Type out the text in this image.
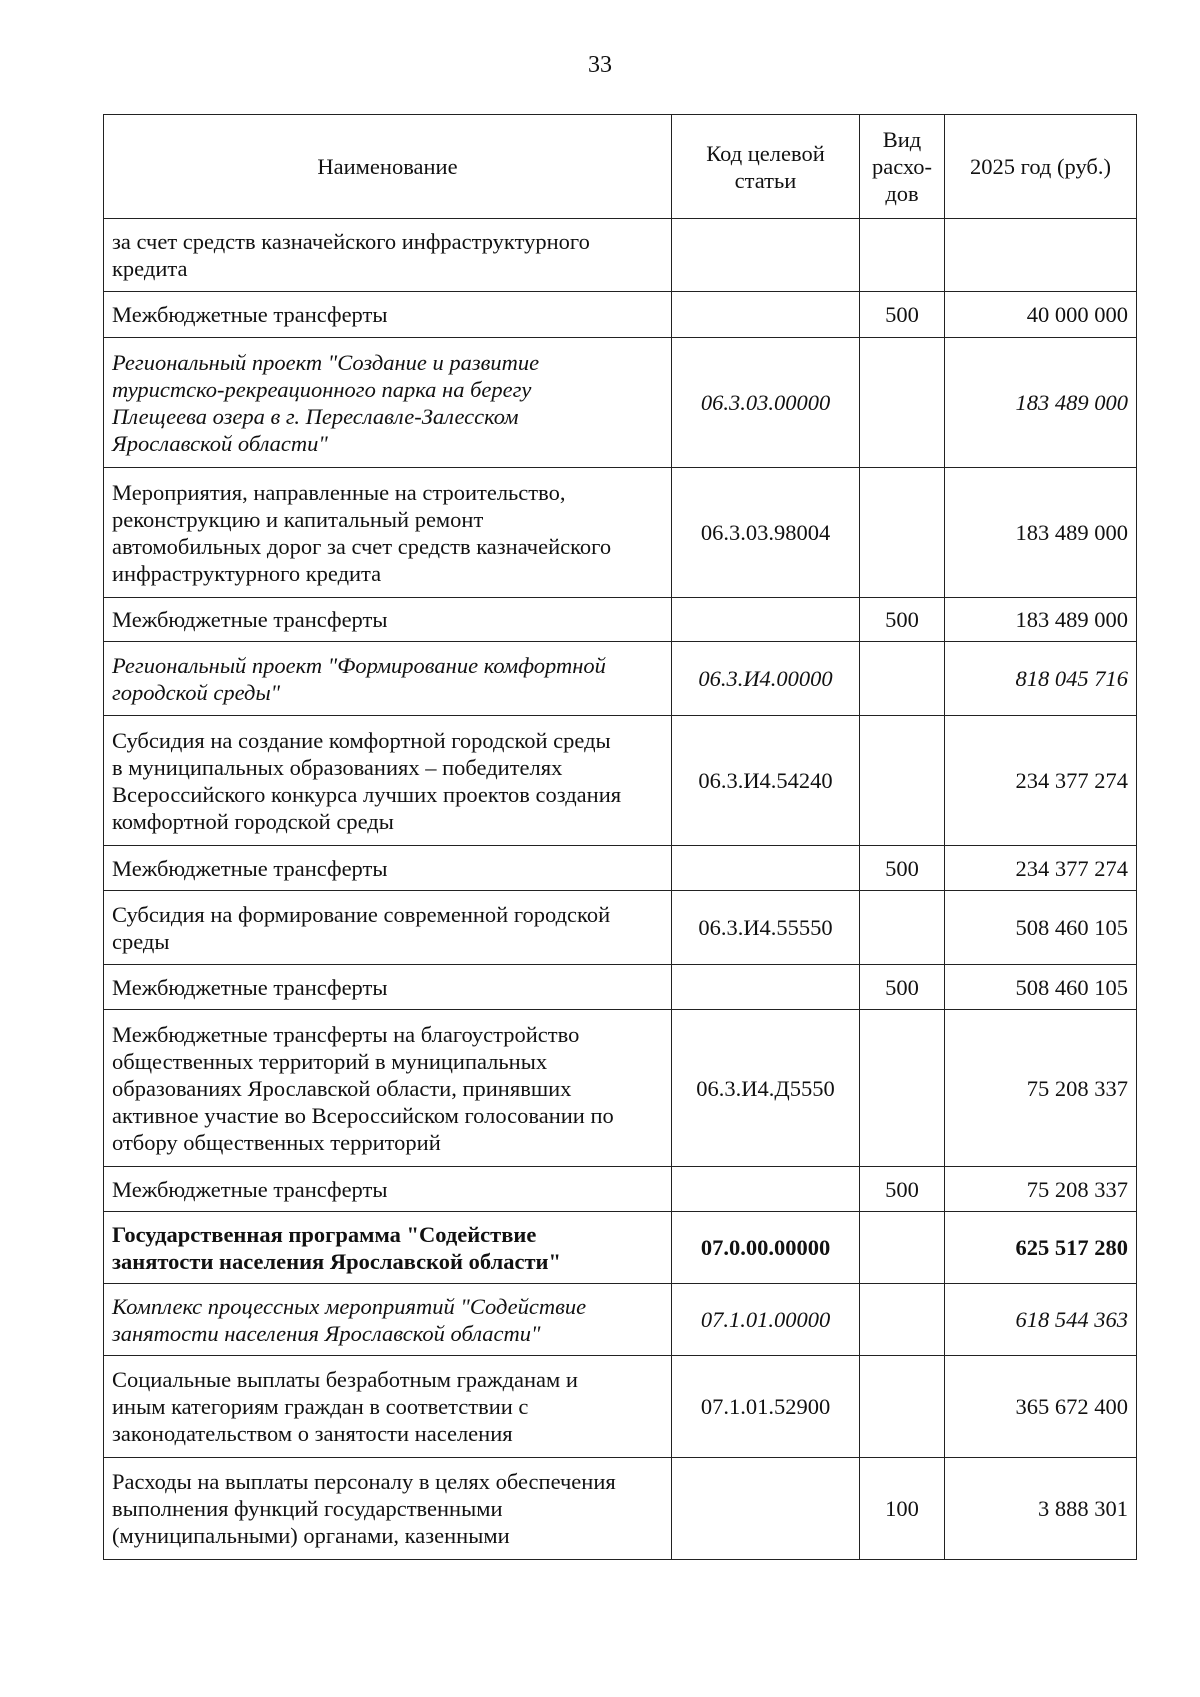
33
Наименование	Код целевой статьи	Вид расхо- дов	2025 год (руб.)

за счет средств казначейского инфраструктурного
кредита			

Межбюджетные трансферты		500	40 000 000

Региональный проект "Создание и развитие
туристско-рекреационного парка на берегу
Плещеева озера в г. Переславле-Залесском
Ярославской области"	06.3.03.00000		183 489 000

Мероприятия, направленные на строительство,
реконструкцию и капитальный ремонт
автомобильных дорог за счет средств казначейского
инфраструктурного кредита	06.3.03.98004		183 489 000

Межбюджетные трансферты		500	183 489 000

Региональный проект "Формирование комфортной
городской среды"	06.3.И4.00000		818 045 716

Субсидия на создание комфортной городской среды
в муниципальных образованиях – победителях
Всероссийского конкурса лучших проектов создания
комфортной городской среды	06.3.И4.54240		234 377 274

Межбюджетные трансферты		500	234 377 274

Субсидия на формирование современной городской
среды	06.3.И4.55550		508 460 105

Межбюджетные трансферты		500	508 460 105

Межбюджетные трансферты на благоустройство
общественных территорий в муниципальных
образованиях Ярославской области, принявших
активное участие во Всероссийском голосовании по
отбору общественных территорий	06.3.И4.Д5550		75 208 337

Межбюджетные трансферты		500	75 208 337

Государственная программа "Содействие
занятости населения Ярославской области"	07.0.00.00000		625 517 280

Комплекс процессных мероприятий "Содействие
занятости населения Ярославской области"	07.1.01.00000		618 544 363

Социальные выплаты безработным гражданам и
иным категориям граждан в соответствии с
законодательством о занятости населения	07.1.01.52900		365 672 400

Расходы на выплаты персоналу в целях обеспечения
выполнения функций государственными
(муниципальными) органами, казенными		100	3 888 301
